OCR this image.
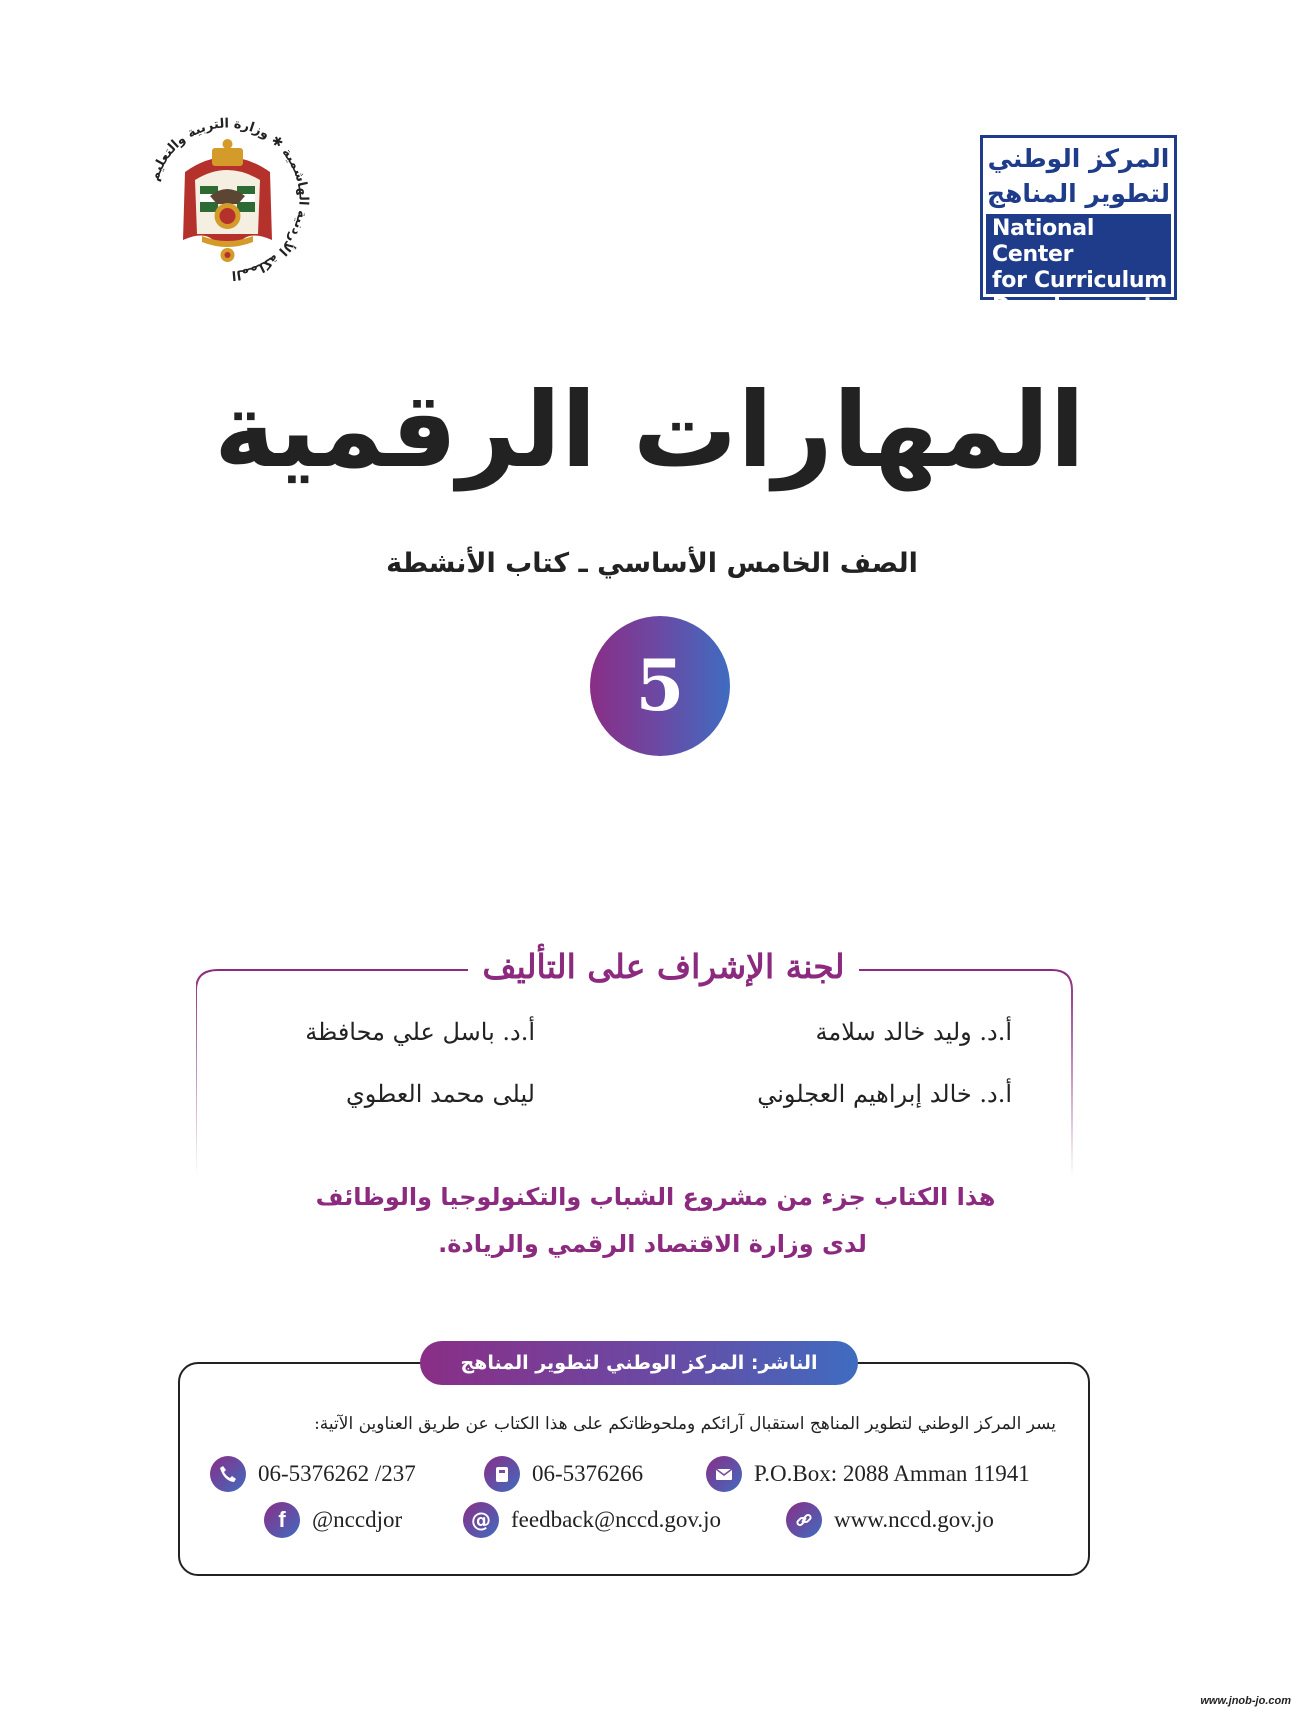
المملكة الأردنية الهاشمية ✱ وزارة التربية والتعليم
المركز الوطني
لتطوير المناهج
National Center
for Curriculum
Development
المهارات الرقمية
الصف الخامس الأساسي ـ كتاب الأنشطة
5
لجنة الإشراف على التأليف
أ.د. وليد خالد سلامة
أ.د. باسل علي محافظة
أ.د. خالد إبراهيم العجلوني
ليلى محمد العطوي
هذا الكتاب جزء من مشروع الشباب والتكنولوجيا والوظائف
لدى وزارة الاقتصاد الرقمي والريادة.
الناشر: المركز الوطني لتطوير المناهج
يسر المركز الوطني لتطوير المناهج استقبال آرائكم وملحوظاتكم على هذا الكتاب عن طريق العناوين الآتية:
06-5376262 /237	06-5376266	P.O.Box: 2088 Amman 11941
f @nccdjor	@ feedback@nccd.gov.jo	www.nccd.gov.jo
www.jnob-jo.com
